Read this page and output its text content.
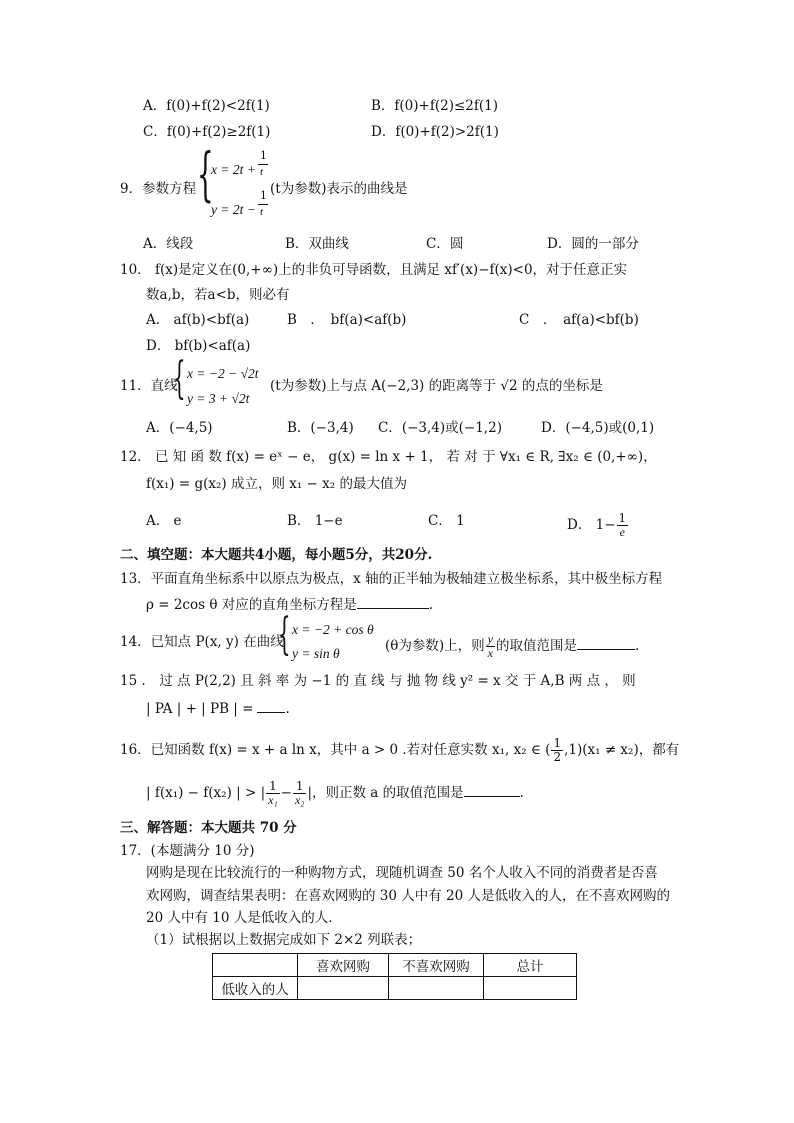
A．f(0)+f(2)<2f(1)	B．f(0)+f(2)≤2f(1)
C．f(0)+f(2)≥2f(1)	D．f(0)+f(2)>2f(1)
9．参数方程 {
x = 2t +
1
t
y = 2t −
1
t
(t为参数)表示的曲线是
A．线段	B．双曲线	C．圆	D．圆的一部分
10． f(x)是定义在(0,+∞)上的非负可导函数，且满足 xf′(x)−f(x)<0，对于任意正实
数a,b，若a<b，则必有
A． af(b)<bf(a)	B　．　bf(a)<af(b)	C　．　af(a)<bf(b)
D． bf(b)<af(a)
11．直线
{ x = −2 − √2t
y = 3 + √2t
(t为参数)上与点 A(−2,3) 的距离等于 √2 的点的坐标是
A．(−4,5)	B．(−3,4) C．(−3,4)或(−1,2)	D．(−4,5)或(0,1)
12． 已 知 函 数 f(x) = eˣ − e， g(x) = ln x + 1， 若 对 于 ∀x₁ ∈ R, ∃x₂ ∈ (0,+∞)，
f(x₁) = g(x₂) 成立，则 x₁ − x₂ 的最大值为
A． e	B． 1−e	C． 1	D． $1- \frac{1}{e}$
二、填空题：本大题共4小题，每小题5分，共20分.
13．平面直角坐标系中以原点为极点，x 轴的正半轴为极轴建立极坐标系，其中极坐标方程
ρ = 2cos θ 对应的直角坐标方程是	.
14．已知点 P(x, y) 在曲线
{ x = −2 + cos θ
y = sin θ	(θ为参数)上，则 $\frac{y}{x}$ 的取值范围是	.
15 ． 过 点 P(2,2) 且 斜 率 为 −1 的 直 线 与 抛 物 线 y² = x 交 于 A,B 两 点 ， 则
| PA | + | PB | = .
16．已知函数 f(x) = x + a ln x，其中 a > 0 .若对任意实数 x₁, x₂ ∈ ( $\frac{1}{2} ,1)(x_1 \ne x_2)$，都有
| f(x₁) − f(x₂) | > | $\frac{1}{\text{x₁}} - \frac{1}{\text{x₂}}$ |，则正数 a 的取值范围是	.
三、解答题：本大题共 70 分
17．(本题满分 10 分)
网购是现在比较流行的一种购物方式，现随机调查 50 名个人收入不同的消费者是否喜
欢网购，调查结果表明：在喜欢网购的 30 人中有 20 人是低收入的人，在不喜欢网购的
20 人中有 10 人是低收入的人．
（1）试根据以上数据完成如下 2×2 列联表；
	喜欢网购	不喜欢网购	总计
低收入的人			
